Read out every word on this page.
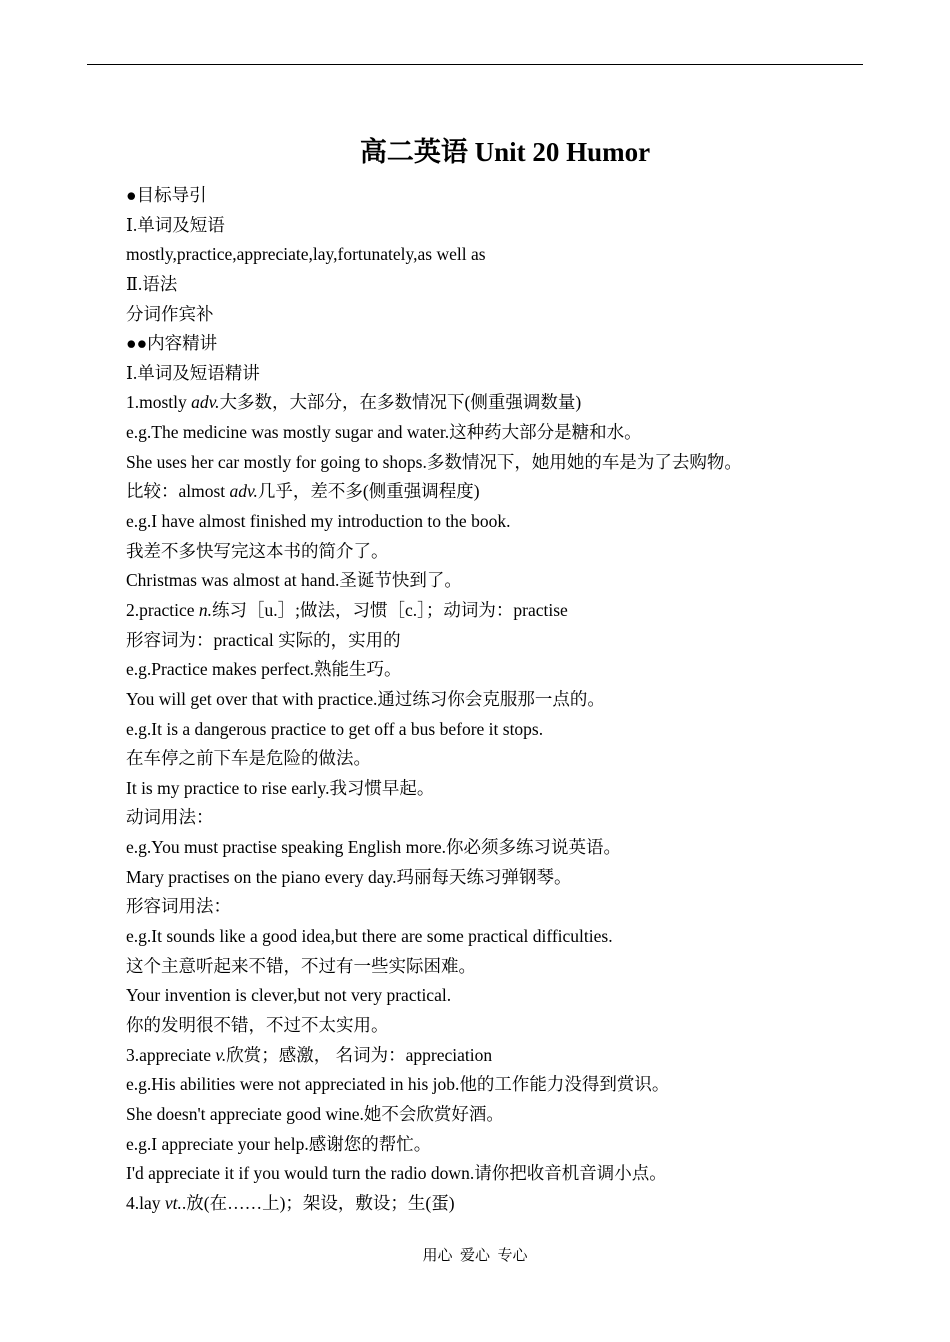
高二英语 Unit 20 Humor
●目标导引
Ⅰ.单词及短语
mostly,practice,appreciate,lay,fortunately,as well as
Ⅱ.语法
分词作宾补
●●内容精讲
Ⅰ.单词及短语精讲
1.mostly adv.大多数，大部分，在多数情况下(侧重强调数量)
e.g.The medicine was mostly sugar and water.这种药大部分是糖和水。
She uses her car mostly for going to shops.多数情况下，她用她的车是为了去购物。
比较：almost adv.几乎，差不多(侧重强调程度)
e.g.I have almost finished my introduction to the book.
我差不多快写完这本书的简介了。
Christmas was almost at hand.圣诞节快到了。
2.practice n.练习［u.］;做法，习惯［c.］；动词为：practise
形容词为：practical 实际的，实用的
e.g.Practice makes perfect.熟能生巧。
You will get over that with practice.通过练习你会克服那一点的。
e.g.It is a dangerous practice to get off a bus before it stops.
在车停之前下车是危险的做法。
It is my practice to rise early.我习惯早起。
动词用法：
e.g.You must practise speaking English more.你必须多练习说英语。
Mary practises on the piano every day.玛丽每天练习弹钢琴。
形容词用法：
e.g.It sounds like a good idea,but there are some practical difficulties.
这个主意听起来不错，不过有一些实际困难。
Your invention is clever,but not very practical.
你的发明很不错，不过不太实用。
3.appreciate v.欣赏；感激， 名词为：appreciation
e.g.His abilities were not appreciated in his job.他的工作能力没得到赏识。
She doesn't appreciate good wine.她不会欣赏好酒。
e.g.I appreciate your help.感谢您的帮忙。
I'd appreciate it if you would turn the radio down.请你把收音机音调小点。
4.lay vt..放(在……上)；架设，敷设；生(蛋)
用心  爱心  专心
